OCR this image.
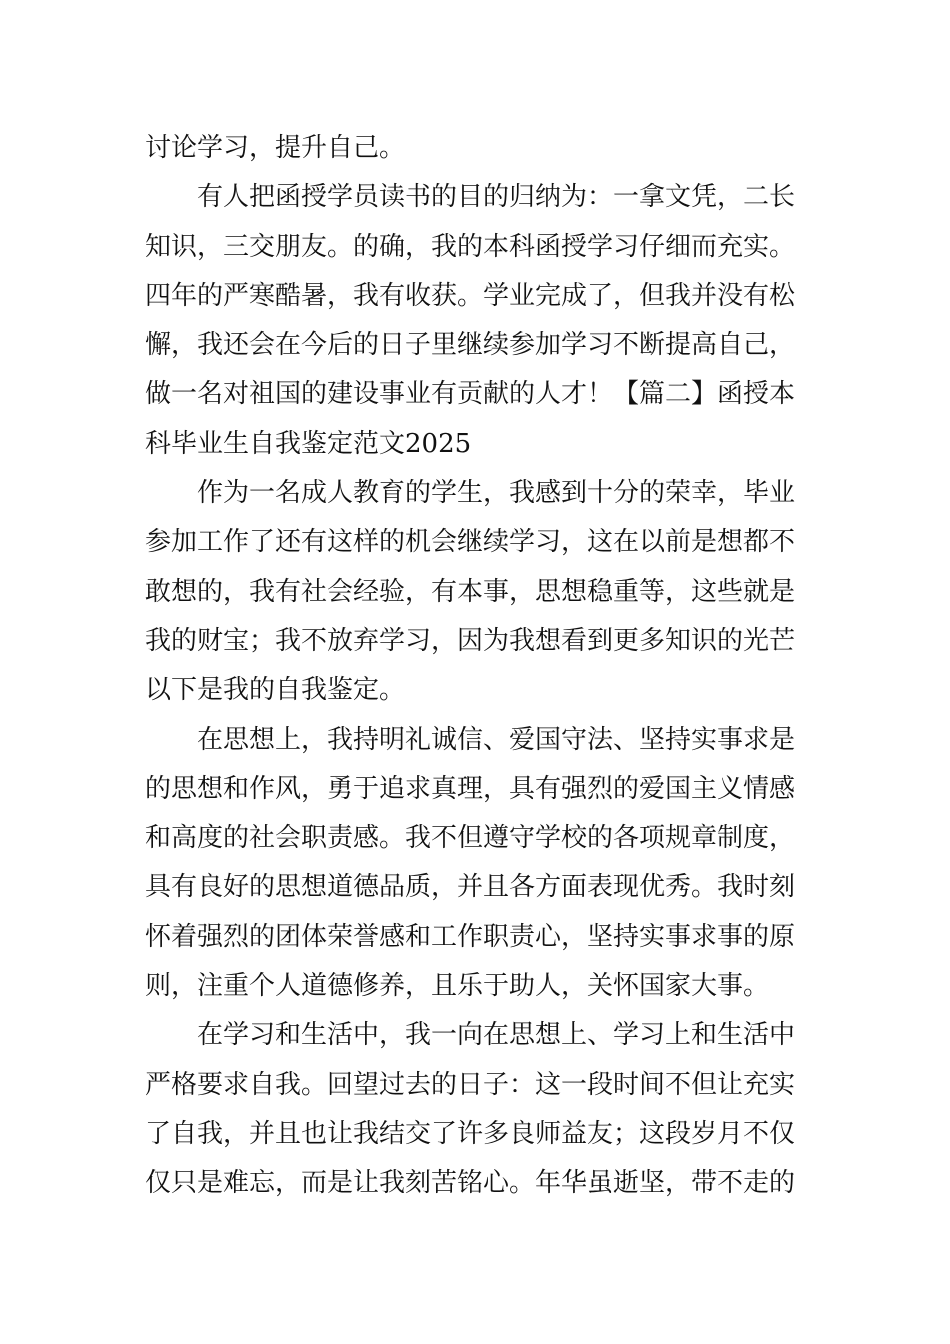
讨论学习，提升自己。
有人把函授学员读书的目的归纳为：一拿文凭，二长
知识，三交朋友。的确，我的本科函授学习仔细而充实。
四年的严寒酷暑，我有收获。学业完成了，但我并没有松
懈，我还会在今后的日子里继续参加学习不断提高自己，
做一名对祖国的建设事业有贡献的人才！【篇二】函授本
科毕业生自我鉴定范文2025
作为一名成人教育的学生，我感到十分的荣幸，毕业
参加工作了还有这样的机会继续学习，这在以前是想都不
敢想的，我有社会经验，有本事，思想稳重等，这些就是
我的财宝；我不放弃学习，因为我想看到更多知识的光芒
以下是我的自我鉴定。
在思想上，我持明礼诚信、爱国守法、坚持实事求是
的思想和作风，勇于追求真理，具有强烈的爱国主义情感
和高度的社会职责感。我不但遵守学校的各项规章制度，
具有良好的思想道德品质，并且各方面表现优秀。我时刻
怀着强烈的团体荣誉感和工作职责心，坚持实事求事的原
则，注重个人道德修养，且乐于助人，关怀国家大事。
在学习和生活中，我一向在思想上、学习上和生活中
严格要求自我。回望过去的日子：这一段时间不但让充实
了自我，并且也让我结交了许多良师益友；这段岁月不仅
仅只是难忘，而是让我刻苦铭心。年华虽逝坚，带不走的
